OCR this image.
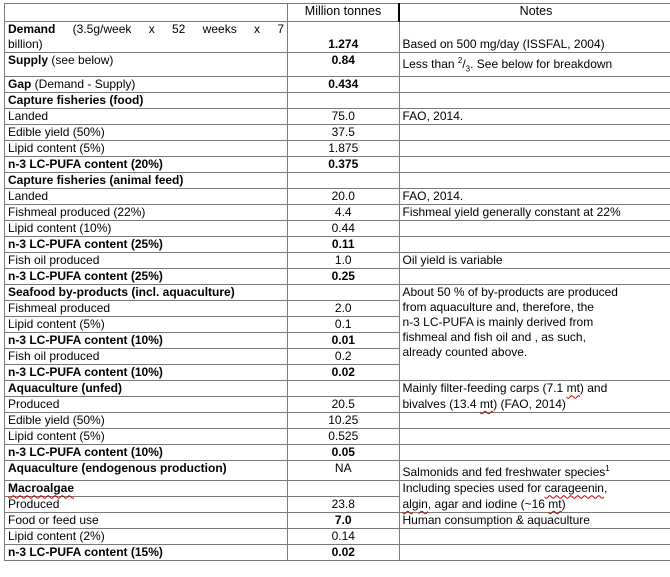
	Million tonnes	Notes

Demand (3.5g/week x 52 weeks x 7
billion)	1.274	Based on 500 mg/day (ISSFAL, 2004)

Supply (see below)	0.84	Less than $^2/_3$. See below for breakdown
Gap (Demand - Supply)	0.434	
Capture fisheries (food)		
Landed	75.0	FAO, 2014.
Edible yield (50%)	37.5	
Lipid content (5%)	1.875	
n-3 LC-PUFA content (20%)	0.375	
Capture fisheries (animal feed)		
Landed	20.0	FAO, 2014.
Fishmeal produced (22%)	4.4	Fishmeal yield generally constant at 22%
Lipid content (10%)	0.44	
n-3 LC-PUFA content (25%)	0.11	
Fish oil produced	1.0	Oil yield is variable
n-3 LC-PUFA content (25%)	0.25	
Seafood by-products (incl. aquaculture)		About 50 % of by-products are produced
from aquaculture and, therefore, the
n-3 LC-PUFA is mainly derived from
fishmeal and fish oil and , as such,
already counted above.

Fishmeal produced	2.0	
Lipid content (5%)	0.1	
n-3 LC-PUFA content (10%)	0.01	
Fish oil produced	0.2	
n-3 LC-PUFA content (10%)	0.02	
Aquaculture (unfed)		Mainly filter-feeding carps (7.1 mt) and
Produced	20.5	bivalves (13.4 mt) (FAO, 2014)
Edible yield (50%)	10.25	
Lipid content (5%)	0.525	
n-3 LC-PUFA content (10%)	0.05	
Aquaculture (endogenous production)	NA	Salmonids and fed freshwater species$^1$
Macroalgae		Including species used for carageenin,
Produced	23.8	algin, agar and iodine (~16 mt)
Food or feed use	7.0	Human consumption & aquaculture
Lipid content (2%)	0.14	
n-3 LC-PUFA content (15%)	0.02	
